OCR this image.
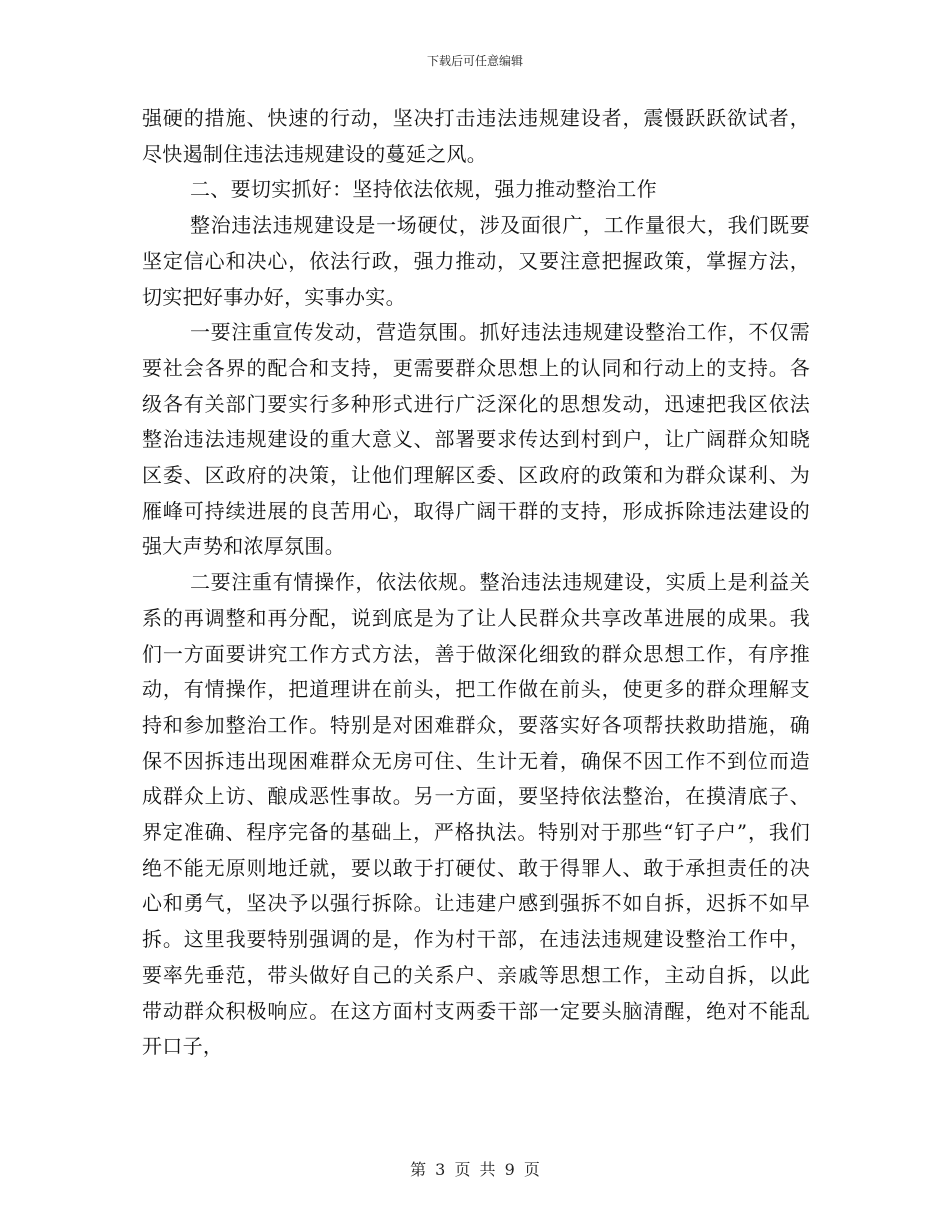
下载后可任意编辑

强硬的措施、快速的行动，坚决打击违法违规建设者，震慑跃跃欲试者，尽快遏制住违法违规建设的蔓延之风。

二、要切实抓好：坚持依法依规，强力推动整治工作

整治违法违规建设是一场硬仗，涉及面很广，工作量很大，我们既要坚定信心和决心，依法行政，强力推动，又要注意把握政策，掌握方法，切实把好事办好，实事办实。

一要注重宣传发动，营造氛围。抓好违法违规建设整治工作，不仅需要社会各界的配合和支持，更需要群众思想上的认同和行动上的支持。各级各有关部门要实行多种形式进行广泛深化的思想发动，迅速把我区依法整治违法违规建设的重大意义、部署要求传达到村到户，让广阔群众知晓区委、区政府的决策，让他们理解区委、区政府的政策和为群众谋利、为雁峰可持续进展的良苦用心，取得广阔干群的支持，形成拆除违法建设的强大声势和浓厚氛围。

二要注重有情操作，依法依规。整治违法违规建设，实质上是利益关系的再调整和再分配，说到底是为了让人民群众共享改革进展的成果。我们一方面要讲究工作方式方法，善于做深化细致的群众思想工作，有序推动，有情操作，把道理讲在前头，把工作做在前头，使更多的群众理解支持和参加整治工作。特别是对困难群众，要落实好各项帮扶救助措施，确保不因拆违出现困难群众无房可住、生计无着，确保不因工作不到位而造成群众上访、酿成恶性事故。另一方面，要坚持依法整治，在摸清底子、界定准确、程序完备的基础上，严格执法。特别对于那些“钉子户”，我们绝不能无原则地迁就，要以敢于打硬仗、敢于得罪人、敢于承担责任的决心和勇气，坚决予以强行拆除。让违建户感到强拆不如自拆，迟拆不如早拆。这里我要特别强调的是，作为村干部，在违法违规建设整治工作中，要率先垂范，带头做好自己的关系户、亲戚等思想工作，主动自拆，以此带动群众积极响应。在这方面村支两委干部一定要头脑清醒，绝对不能乱开口子，

第 3 页 共 9 页
